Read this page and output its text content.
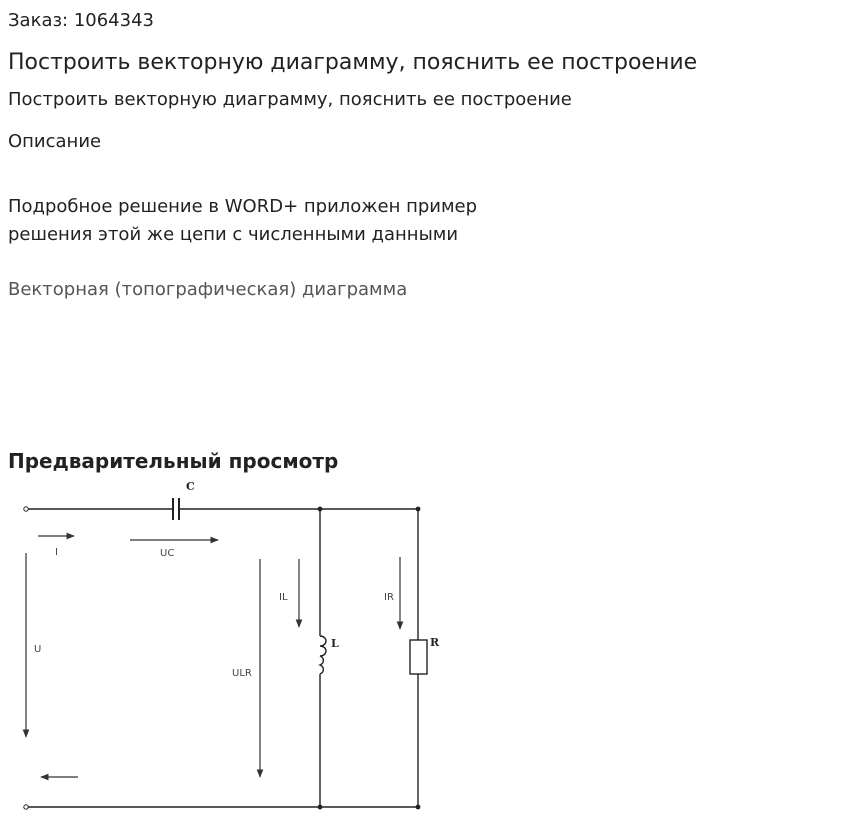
Заказ: 1064343
Построить векторную диаграмму, пояснить ее построение
Построить векторную диаграмму, пояснить ее построение
Описание
Подробное решение в WORD+ приложен пример
решения этой же цепи с численными данными
Векторная (топографическая) диаграмма
Предварительный просмотр
C
L	R
I	UC
IL	IR
U
ULR
